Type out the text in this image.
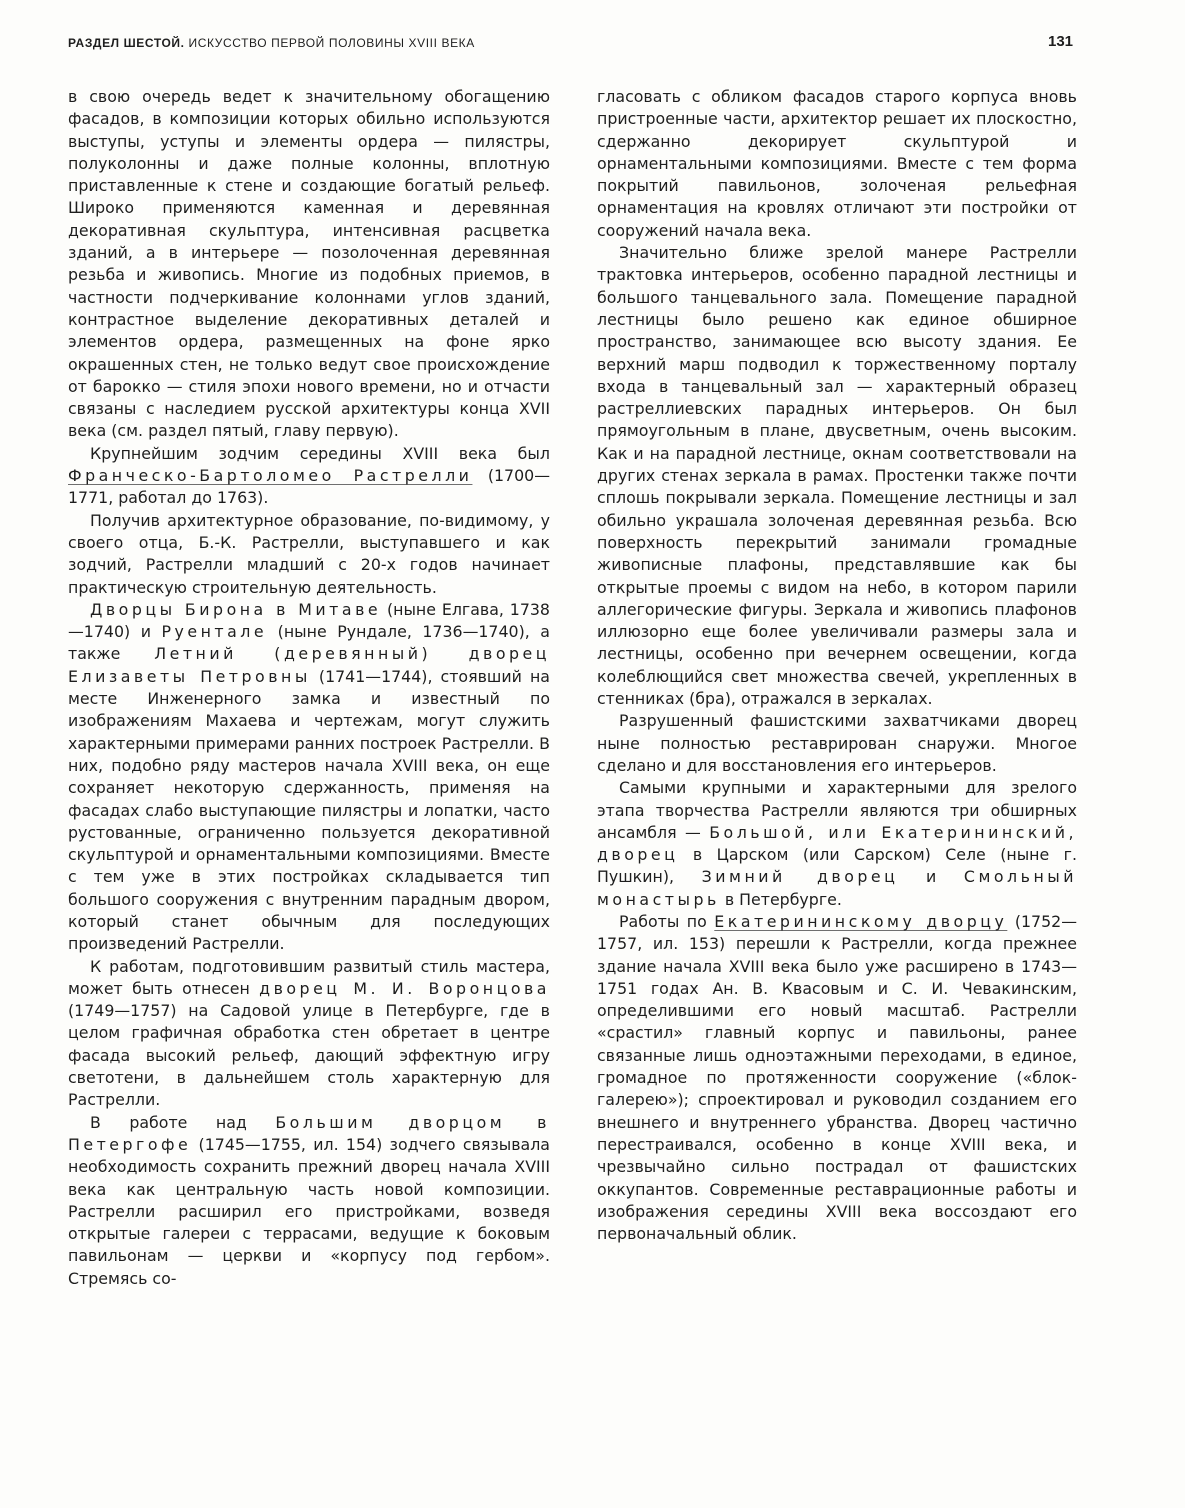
РАЗДЕЛ ШЕСТОЙ. ИСКУССТВО ПЕРВОЙ ПОЛОВИНЫ XVIII ВЕКА	131

в свою очередь ведет к значительному обогащению фасадов, в композиции которых обильно используются выступы, уступы и элементы ордера — пилястры, полуколонны и даже полные колонны, вплотную приставленные к стене и создающие богатый рельеф. Широко применяются каменная и деревянная декоративная скульптура, интенсивная расцветка зданий, а в интерьере — позолоченная деревянная резьба и живопись. Многие из подобных приемов, в частности подчеркивание колоннами углов зданий, контрастное выделение декоративных деталей и элементов ордера, размещенных на фоне ярко окрашенных стен, не только ведут свое происхождение от барокко — стиля эпохи нового времени, но и отчасти связаны с наследием русской архитектуры конца XVII века (см. раздел пятый, главу первую).

Крупнейшим зодчим середины XVIII века был Франческо-Бартоломео Растрелли (1700—1771, работал до 1763).

Получив архитектурное образование, по-видимому, у своего отца, Б.-К. Растрелли, выступавшего и как зодчий, Растрелли младший с 20-х годов начинает практическую строительную деятельность.

Дворцы Бирона в Митаве (ныне Елгава, 1738—1740) и Руентале (ныне Рундале, 1736—1740), а также Летний (деревянный) дворец Елизаветы Петровны (1741—1744), стоявший на месте Инженерного замка и известный по изображениям Махаева и чертежам, могут служить характерными примерами ранних построек Растрелли. В них, подобно ряду мастеров начала XVIII века, он еще сохраняет некоторую сдержанность, применяя на фасадах слабо выступающие пилястры и лопатки, часто рустованные, ограниченно пользуется декоративной скульптурой и орнаментальными композициями. Вместе с тем уже в этих постройках складывается тип большого сооружения с внутренним парадным двором, который станет обычным для последующих произведений Растрелли.

К работам, подготовившим развитый стиль мастера, может быть отнесен дворец М. И. Воронцова (1749—1757) на Садовой улице в Петербурге, где в целом графичная обработка стен обретает в центре фасада высокий рельеф, дающий эффектную игру светотени, в дальнейшем столь характерную для Растрелли.

В работе над Большим дворцом в Петергофе (1745—1755, ил. 154) зодчего связывала необходимость сохранить прежний дворец начала XVIII века как центральную часть новой композиции. Растрелли расширил его пристройками, возведя открытые галереи с террасами, ведущие к боковым павильонам — церкви и «корпусу под гербом». Стремясь со-

гласовать с обликом фасадов старого корпуса вновь пристроенные части, архитектор решает их плоскостно, сдержанно декорирует скульптурой и орнаментальными композициями. Вместе с тем форма покрытий павильонов, золоченая рельефная орнаментация на кровлях отличают эти постройки от сооружений начала века.

Значительно ближе зрелой манере Растрелли трактовка интерьеров, особенно парадной лестницы и большого танцевального зала. Помещение парадной лестницы было решено как единое обширное пространство, занимающее всю высоту здания. Ее верхний марш подводил к торжественному порталу входа в танцевальный зал — характерный образец растреллиевских парадных интерьеров. Он был прямоугольным в плане, двусветным, очень высоким. Как и на парадной лестнице, окнам соответствовали на других стенах зеркала в рамах. Простенки также почти сплошь покрывали зеркала. Помещение лестницы и зал обильно украшала золоченая деревянная резьба. Всю поверхность перекрытий занимали громадные живописные плафоны, представлявшие как бы открытые проемы с видом на небо, в котором парили аллегорические фигуры. Зеркала и живопись плафонов иллюзорно еще более увеличивали размеры зала и лестницы, особенно при вечернем освещении, когда колеблющийся свет множества свечей, укрепленных в стенниках (бра), отражался в зеркалах.

Разрушенный фашистскими захватчиками дворец ныне полностью реставрирован снаружи. Многое сделано и для восстановления его интерьеров.

Самыми крупными и характерными для зрелого этапа творчества Растрелли являются три обширных ансамбля — Большой, или Екатерининский, дворец в Царском (или Сарском) Селе (ныне г. Пушкин), Зимний дворец и Смольный монастырь в Петербурге.

Работы по Екатерининскому дворцу (1752—1757, ил. 153) перешли к Растрелли, когда прежнее здание начала XVIII века было уже расширено в 1743—1751 годах Ан. В. Квасовым и С. И. Чевакинским, определившими его новый масштаб. Растрелли «срастил» главный корпус и павильоны, ранее связанные лишь одноэтажными переходами, в единое, громадное по протяженности сооружение («блок-галерею»); спроектировал и руководил созданием его внешнего и внутреннего убранства. Дворец частично перестраивался, особенно в конце XVIII века, и чрезвычайно сильно пострадал от фашистских оккупантов. Современные реставрационные работы и изображения середины XVIII века воссоздают его первоначальный облик.
